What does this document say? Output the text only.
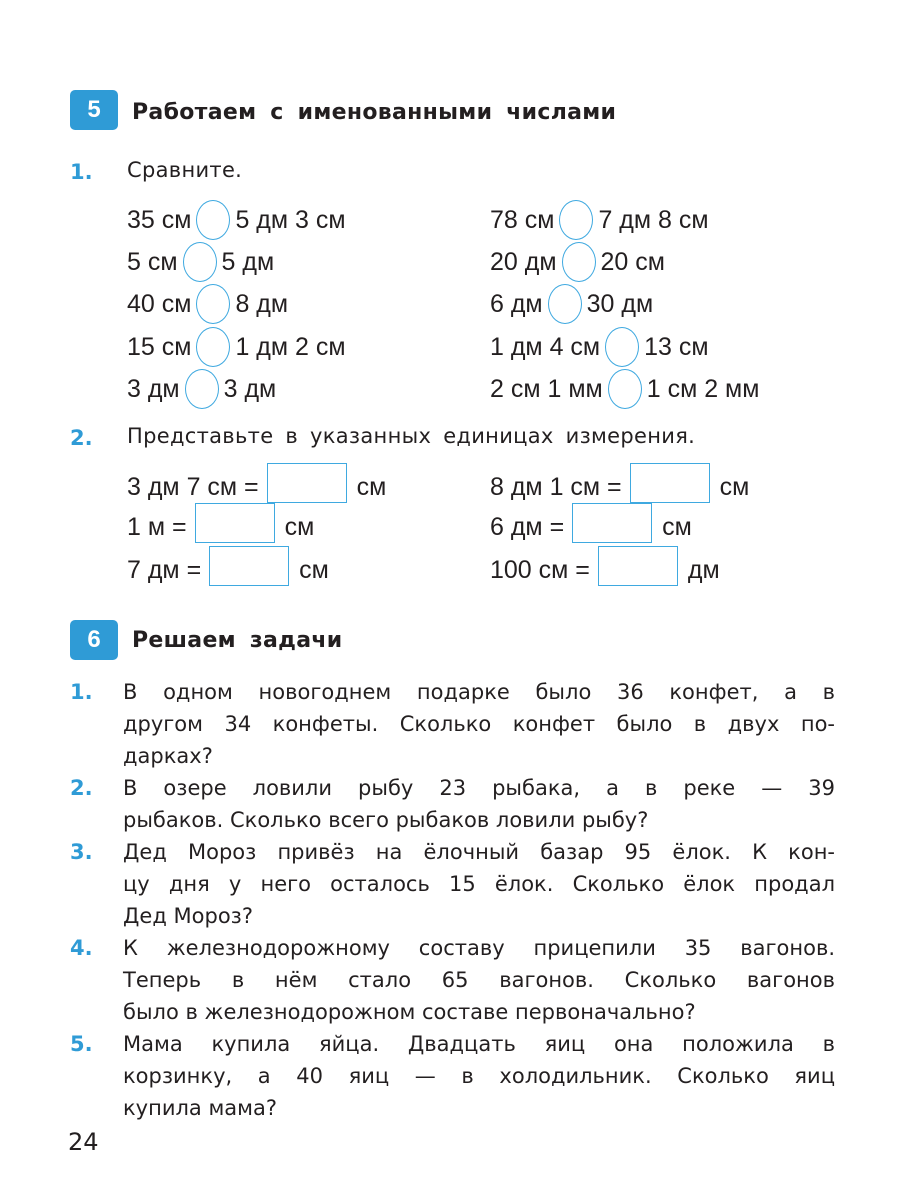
5	Работаем с именованными числами
1. Сравните.
35 см 5 дм 3 см
5 см 5 дм
40 см 8 дм
15 см 1 дм 2 см
3 дм 3 дм
78 см 7 дм 8 см
20 дм 20 см
6 дм 30 дм
1 дм 4 см 13 см
2 см 1 мм 1 см 2 мм
2. Представьте в указанных единицах измерения.
3 дм 7 см =	см
1 м =	см
7 дм =	см
8 дм 1 см =	см
6 дм =	см
100 см =	дм
6	Решаем задачи
1. В одном новогоднем подарке было 36 конфет, а в
другом 34 конфеты. Сколько конфет было в двух по-
дарках?
2. В озере ловили рыбу 23 рыбака, а в реке — 39
рыбаков. Сколько всего рыбаков ловили рыбу?
3. Дед Мороз привёз на ёлочный базар 95 ёлок. К кон-
цу дня у него осталось 15 ёлок. Сколько ёлок продал
Дед Мороз?
4. К железнодорожному составу прицепили 35 вагонов.
Теперь в нём стало 65 вагонов. Сколько вагонов
было в железнодорожном составе первоначально?
5. Мама купила яйца. Двадцать яиц она положила в
корзинку, а 40 яиц — в холодильник. Сколько яиц
купила мама?
24
